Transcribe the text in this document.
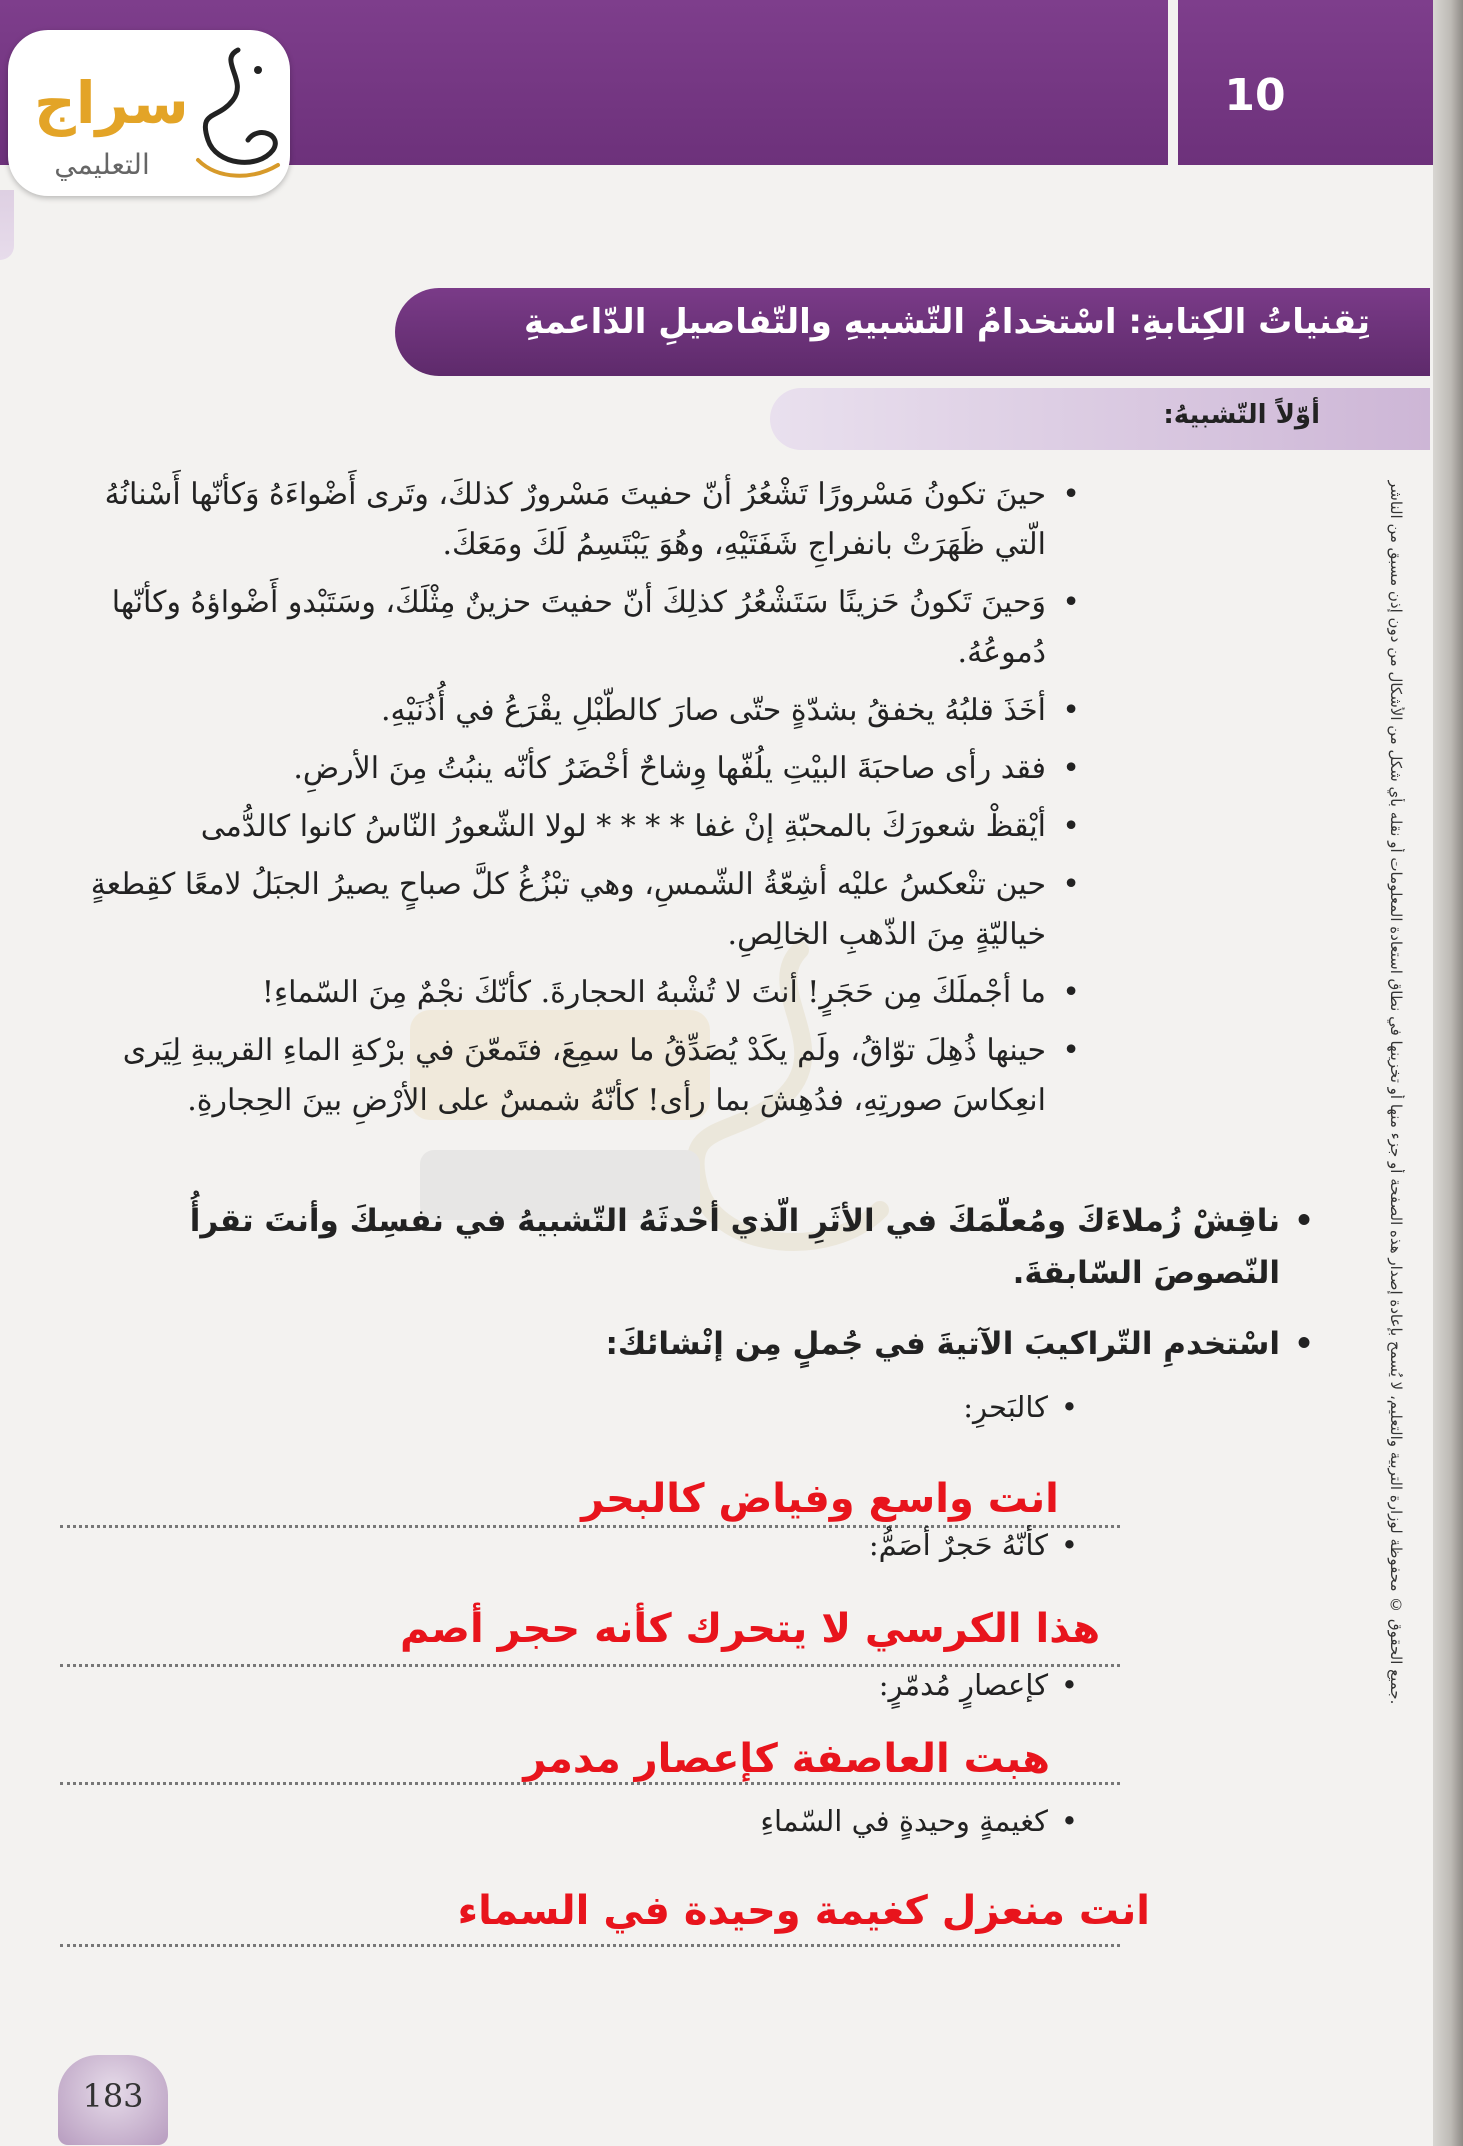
10
سراج
التعليمي
تِقنياتُ الكِتابةِ: اسْتخدامُ التّشبيهِ والتّفاصيلِ الدّاعمةِ
أوّلاً التّشبيهُ:
• حينَ تكونُ مَسْرورًا تَشْعُرُ أنّ حفيتَ مَسْرورٌ كذلكَ، وتَرى أَضْواءَهُ وَكأنّها أَسْنانُهُ الّتي ظَهَرَتْ بانفراجِ شَفَتَيْهِ، وهُوَ يَبْتَسِمُ لَكَ ومَعَكَ.
• وَحينَ تَكونُ حَزينًا سَتَشْعُرُ كذلِكَ أنّ حفيتَ حزينٌ مِثْلَكَ، وسَتَبْدو أَضْواؤهُ وكأنّها دُموعُهُ.
• أخَذَ قلبُهُ يخفقُ بشدّةٍ حتّى صارَ كالطّبْلِ يقْرَعُ في أُذُنَيْهِ.
• فقد رأى صاحبَةَ البيْتِ يلُفّها وِشاحٌ أخْضَرُ كأنّه ينبُتُ مِنَ الأرضِ.
• أيْقظْ شعورَكَ بالمحبّةِ إنْ غفا * * * * لولا الشّعورُ النّاسُ كانوا كالدُّمى
• حين تنْعكسُ عليْه أشِعّةُ الشّمسِ، وهي تبْزُغُ كلَّ صباحٍ يصيرُ الجبَلُ لامعًا كقِطعةٍ خياليّةٍ مِنَ الذّهبِ الخالِصِ.
• ما أجْملَكَ مِن حَجَرٍ! أنتَ لا تُشْبهُ الحجارةَ. كأنّكَ نجْمٌ مِنَ السّماءِ!
• حينها ذُهِلَ توّاقُ، ولَم يكَدْ يُصَدِّقُ ما سمِعَ، فتَمعّنَ في برْكةِ الماءِ القريبةِ لِيَرى انعِكاسَ صورتِهِ، فدُهِشَ بما رأى! كأنّهُ شمسٌ على الأرْضِ بينَ الحِجارةِ.
• ناقِشْ زُملاءَكَ ومُعلّمَكَ في الأثَرِ الّذي أحْدثَهُ التّشبيهُ في نفسِكَ وأنتَ تقرأُ النّصوصَ السّابقةَ.
• اسْتخدمِ التّراكيبَ الآتيةَ في جُملٍ مِن إنْشائكَ:
• كالبَحرِ:
انت واسع وفياض كالبحر
• كأنّهُ حَجرٌ أصَمُّ:
هذا الكرسي لا يتحرك كأنه حجر أصم
• كإعصارٍ مُدمّرٍ:
هبت العاصفة كإعصار مدمر
• كغيمةٍ وحيدةٍ في السّماءِ
انت منعزل كغيمة وحيدة في السماء
جميع الحقوق © محفوظة لوزارة التربية والتعليم، لا يُسمح بإعادة إصدار هذه الصفحة أو جزء منها أو تخزينها في نطاق استعادة المعلومات أو نقله بأي شكل من الأشكال من دون إذن مسبق من الناشر.
183
